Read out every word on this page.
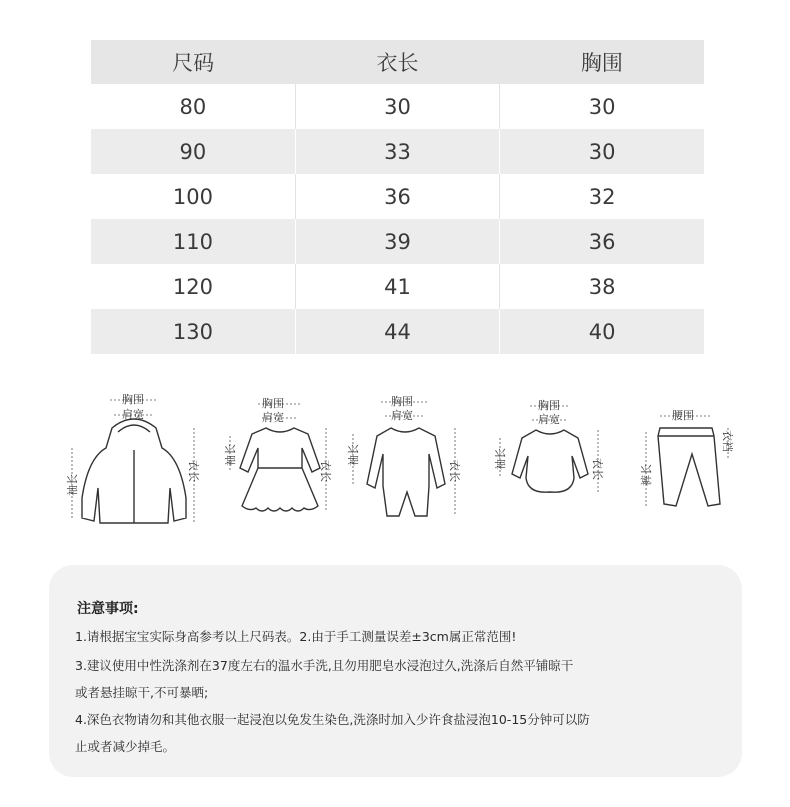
尺码	衣长	胸围
80	30	30
90	33	30
100	36	32
110	39	36
120	41	38
130	44	40
胸围
肩宽
衣长
袖长
胸围
肩宽
衣长
袖长
胸围
肩宽
衣长
袖长
胸围
肩宽
衣长
袖长
腰围
衣裆
裤长
注意事项:
1.请根据宝宝实际身高参考以上尺码表。2.由于手工测量误差±3cm属正常范围!
3.建议使用中性洗涤剂在37度左右的温水手洗,且勿用肥皂水浸泡过久,洗涤后自然平铺晾干
或者悬挂晾干,不可暴晒;
4.深色衣物请勿和其他衣服一起浸泡以免发生染色,洗涤时加入少许食盐浸泡10-15分钟可以防
止或者减少掉毛。
